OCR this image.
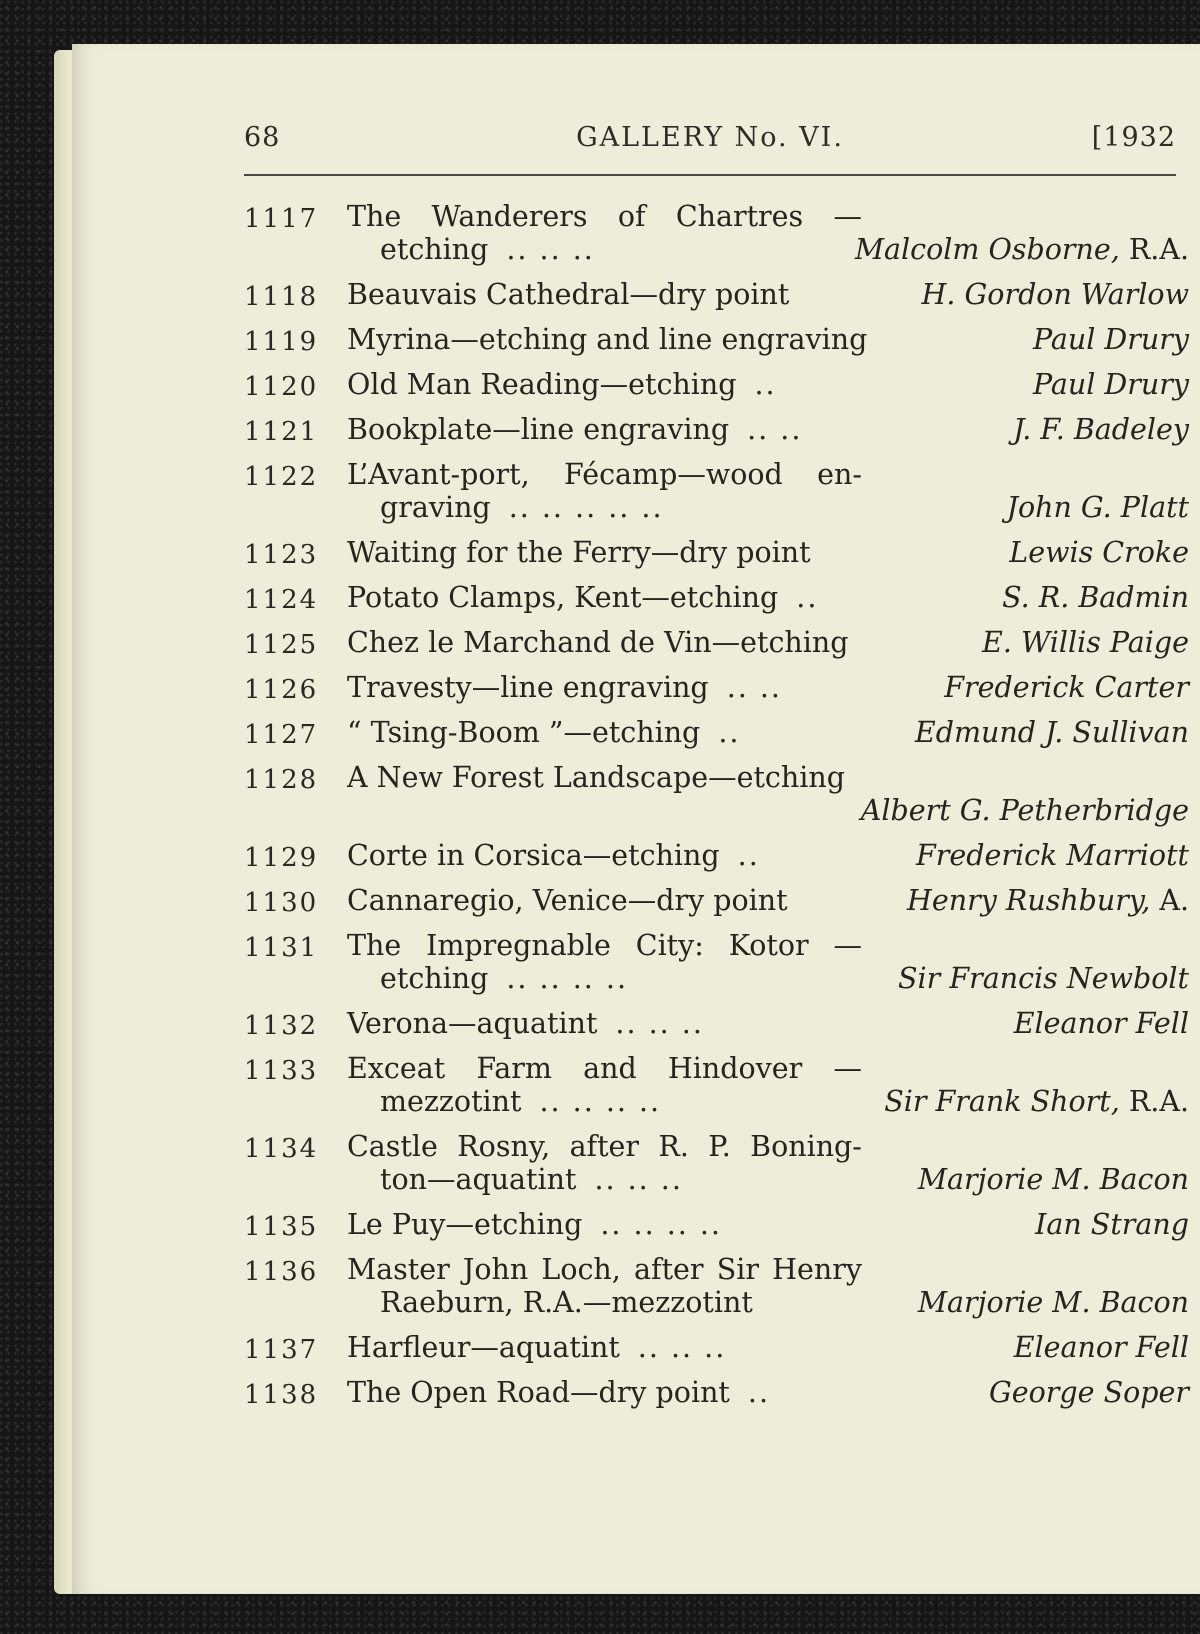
68	GALLERY No. VI.	[1932
1117	The Wanderers of Chartres —
etching .. .. ..	Malcolm Osborne, R.A.
1118	Beauvais Cathedral—dry point	H. Gordon Warlow
1119	Myrina—etching and line engraving	Paul Drury
1120	Old Man Reading—etching ..	Paul Drury
1121	Bookplate—line engraving .. ..	J. F. Badeley
1122	L’Avant-port, Fécamp—wood en-
graving .. .. .. .. ..	John G. Platt
1123	Waiting for the Ferry—dry point	Lewis Croke
1124	Potato Clamps, Kent—etching ..	S. R. Badmin
1125	Chez le Marchand de Vin—etching	E. Willis Paige
1126	Travesty—line engraving .. ..	Frederick Carter
1127	“ Tsing-Boom ”—etching ..	Edmund J. Sullivan
1128	A New Forest Landscape—etching
Albert G. Petherbridge
1129	Corte in Corsica—etching ..	Frederick Marriott
1130	Cannaregio, Venice—dry point	Henry Rushbury, A.
1131	The Impregnable City: Kotor —
etching .. .. .. ..	Sir Francis Newbolt
1132	Verona—aquatint .. .. ..	Eleanor Fell
1133	Exceat Farm and Hindover —
mezzotint .. .. .. ..	Sir Frank Short, R.A.
1134	Castle Rosny, after R. P. Boning-
ton—aquatint .. .. ..	Marjorie M. Bacon
1135	Le Puy—etching .. .. .. ..	Ian Strang
1136	Master John Loch, after Sir Henry
Raeburn, R.A.—mezzotint	Marjorie M. Bacon
1137	Harfleur—aquatint .. .. ..	Eleanor Fell
1138	The Open Road—dry point ..	George Soper
